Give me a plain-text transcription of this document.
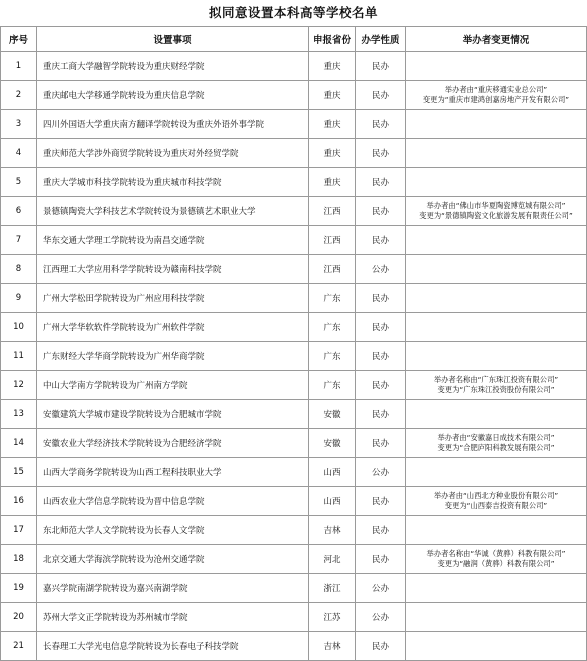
拟同意设置本科高等学校名单
序号	设置事项	申报省份	办学性质	举办者变更情况
1	重庆工商大学融智学院转设为重庆财经学院	重庆	民办	
2	重庆邮电大学移通学院转设为重庆信息学院	重庆	民办	举办者由“重庆移通实业总公司”
变更为“重庆市建鸿创嘉房地产开发有限公司”

3	四川外国语大学重庆南方翻译学院转设为重庆外语外事学院	重庆	民办	
4	重庆师范大学涉外商贸学院转设为重庆对外经贸学院	重庆	民办	
5	重庆大学城市科技学院转设为重庆城市科技学院	重庆	民办	
6	景德镇陶瓷大学科技艺术学院转设为景德镇艺术职业大学	江西	民办	举办者由“佛山市华夏陶瓷博览城有限公司”
变更为“景德镇陶瓷文化旅游发展有限责任公司”

7	华东交通大学理工学院转设为南昌交通学院	江西	民办	
8	江西理工大学应用科学学院转设为赣南科技学院	江西	公办	
9	广州大学松田学院转设为广州应用科技学院	广东	民办	
10	广州大学华软软件学院转设为广州软件学院	广东	民办	
11	广东财经大学华商学院转设为广州华商学院	广东	民办	
12	中山大学南方学院转设为广州南方学院	广东	民办	举办者名称由“广东珠江投资有限公司”
变更为“广东珠江投资股份有限公司”

13	安徽建筑大学城市建设学院转设为合肥城市学院	安徽	民办	
14	安徽农业大学经济技术学院转设为合肥经济学院	安徽	民办	举办者由“安徽嘉日成技术有限公司”
变更为“合肥庐阳科教发展有限公司”

15	山西大学商务学院转设为山西工程科技职业大学	山西	公办	
16	山西农业大学信息学院转设为晋中信息学院	山西	民办	举办者由“山西北方种业股份有限公司”
变更为“山西泰吉投资有限公司”

17	东北师范大学人文学院转设为长春人文学院	吉林	民办	
18	北京交通大学海滨学院转设为沧州交通学院	河北	民办	举办者名称由“华诚（黄骅）科教有限公司”
变更为“融润（黄骅）科教有限公司”

19	嘉兴学院南湖学院转设为嘉兴南湖学院	浙江	公办	
20	苏州大学文正学院转设为苏州城市学院	江苏	公办	
21	长春理工大学光电信息学院转设为长春电子科技学院	吉林	民办	
